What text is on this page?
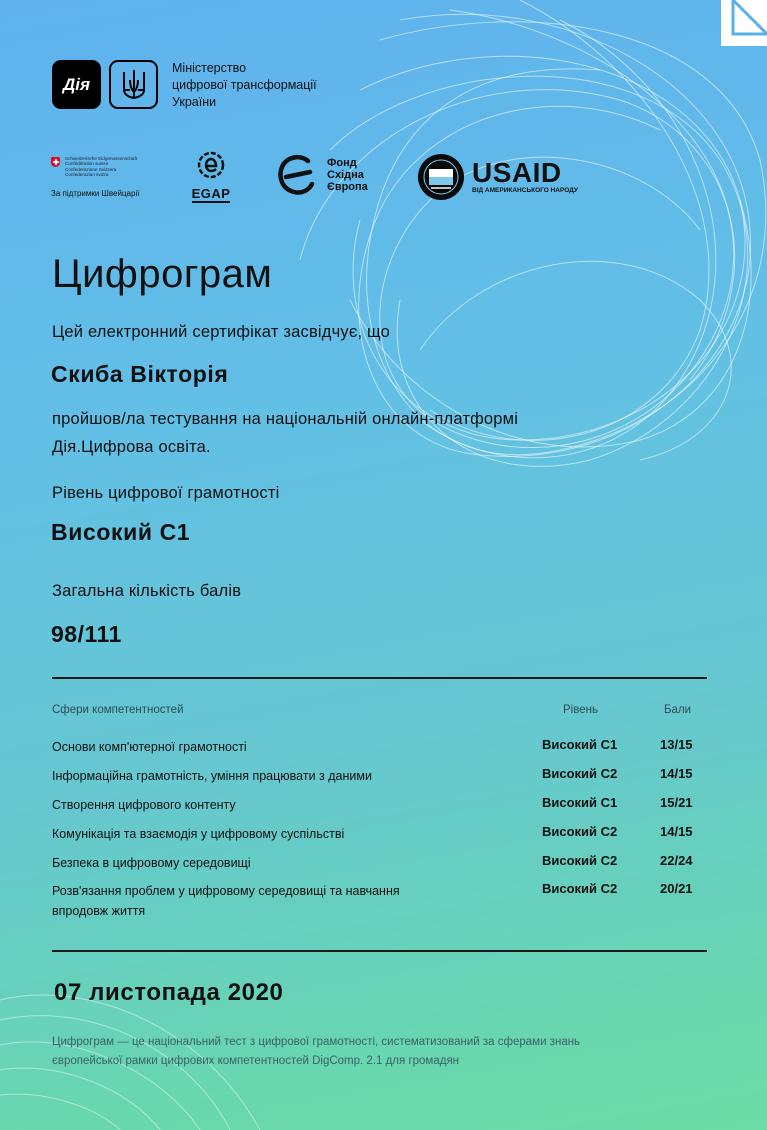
Дія
Міністерство
цифрової трансформації
України
Schweizerische Eidgenossenschaft
Confédération suisse
Confederazione Svizzera
Confederaziun svizra
За підтримки Швейцарії	EGAP
Фонд
Східна
Європа	USAID
ВІД АМЕРИКАНСЬКОГО НАРОДУ
Цифрограм
Цей електронний сертифікат засвідчує, що
Скиба Вікторія
пройшов/ла тестування на національній онлайн-платформі
Дія.Цифрова освіта.
Рівень цифрової грамотності
Високий С1
Загальна кількість балів
98/111
Сфери компетентностей	Рівень	Бали
Основи комп'ютерної грамотності	Високий С1	13/15
Інформаційна грамотність, уміння працювати з даними	Високий С2	14/15
Створення цифрового контенту	Високий С1	15/21
Комунікація та взаємодія у цифровому суспільстві	Високий С2	14/15
Безпека в цифровому середовищі	Високий С2	22/24
Розв'язання проблем у цифровому середовищі та навчання впродовж життя
Високий С2	20/21
07 листопада 2020
Цифрограм — це національний тест з цифрової грамотності, систематизований за сферами знань
європейської рамки цифрових компетентностей DigComp. 2.1 для громадян
